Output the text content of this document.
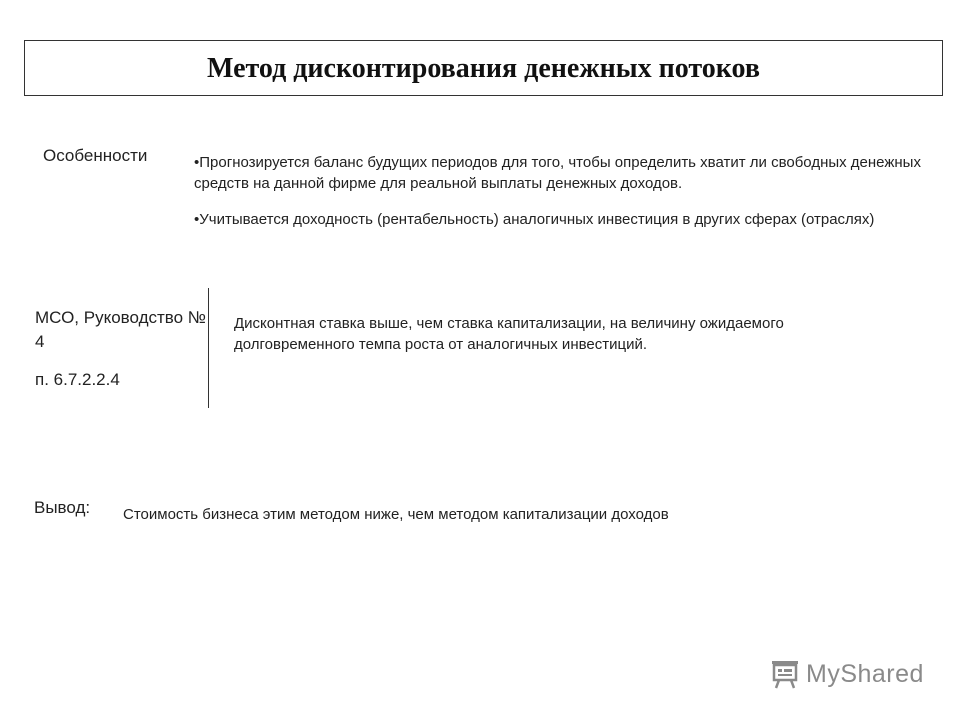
Метод дисконтирования денежных потоков
Особенности	•Прогнозируется баланс будущих периодов для того, чтобы определить хватит ли свободных денежных средств на данной фирме для реальной выплаты денежных доходов.
•Учитывается доходность (рентабельность) аналогичных инвестиция в других сферах (отраслях)
МСО, Руководство № 4
п. 6.7.2.2.4
Дисконтная ставка выше, чем ставка капитализации, на величину ожидаемого долговременного темпа роста от аналогичных инвестиций.
Вывод: Стоимость бизнеса этим методом ниже, чем методом капитализации доходов
MyShared
